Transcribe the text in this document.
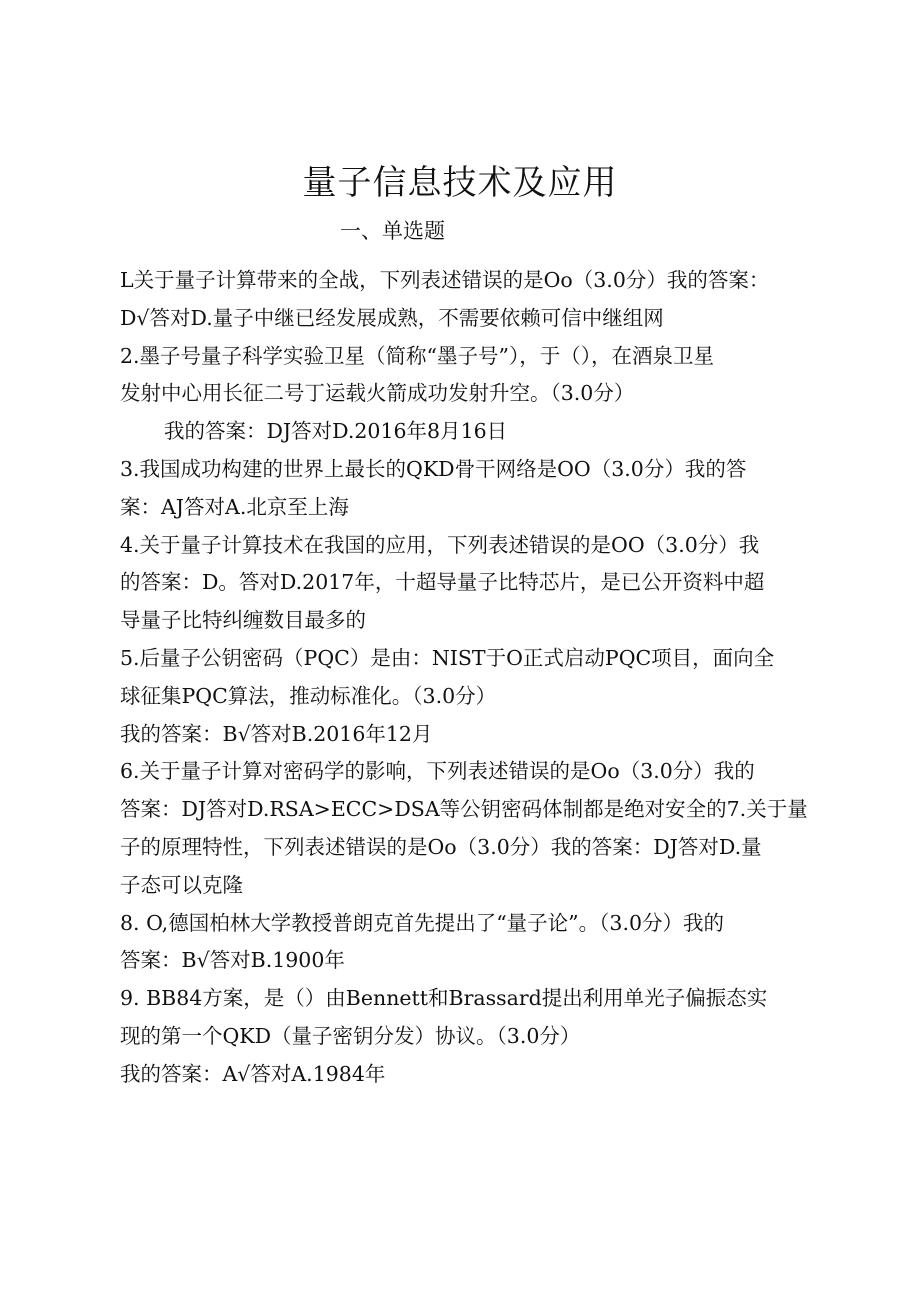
量子信息技术及应用
一、单选题
L关于量子计算带来的全战，下列表述错误的是Oo（3.0分）我的答案：
D√答对D.量子中继已经发展成熟，不需要依赖可信中继组网
2.墨子号量子科学实验卫星（简称“墨子号”），于（），在酒泉卫星
发射中心用长征二号丁运载火箭成功发射升空。（3.0分）
我的答案：DJ答对D.2016年8月16日
3.我国成功构建的世界上最长的QKD骨干网络是OO（3.0分）我的答
案：AJ答对A.北京至上海
4.关于量子计算技术在我国的应用，下列表述错误的是OO（3.0分）我
的答案：D。答对D.2017年，十超导量子比特芯片，是已公开资料中超
导量子比特纠缠数目最多的
5.后量子公钥密码（PQC）是由：NIST于O正式启动PQC项目，面向全
球征集PQC算法，推动标准化。（3.0分）
我的答案：B√答对B.2016年12月
6.关于量子计算对密码学的影响，下列表述错误的是Oo（3.0分）我的
答案：DJ答对D.RSA>ECC>DSA等公钥密码体制都是绝对安全的7.关于量
子的原理特性，下列表述错误的是Oo（3.0分）我的答案：DJ答对D.量
子态可以克隆
8. O,德国柏林大学教授普朗克首先提出了“量子论”。（3.0分）我的
答案：B√答对B.1900年
9. BB84方案，是（）由Bennett和Brassard提出利用单光子偏振态实
现的第一个QKD（量子密钥分发）协议。（3.0分）
我的答案：A√答对A.1984年
